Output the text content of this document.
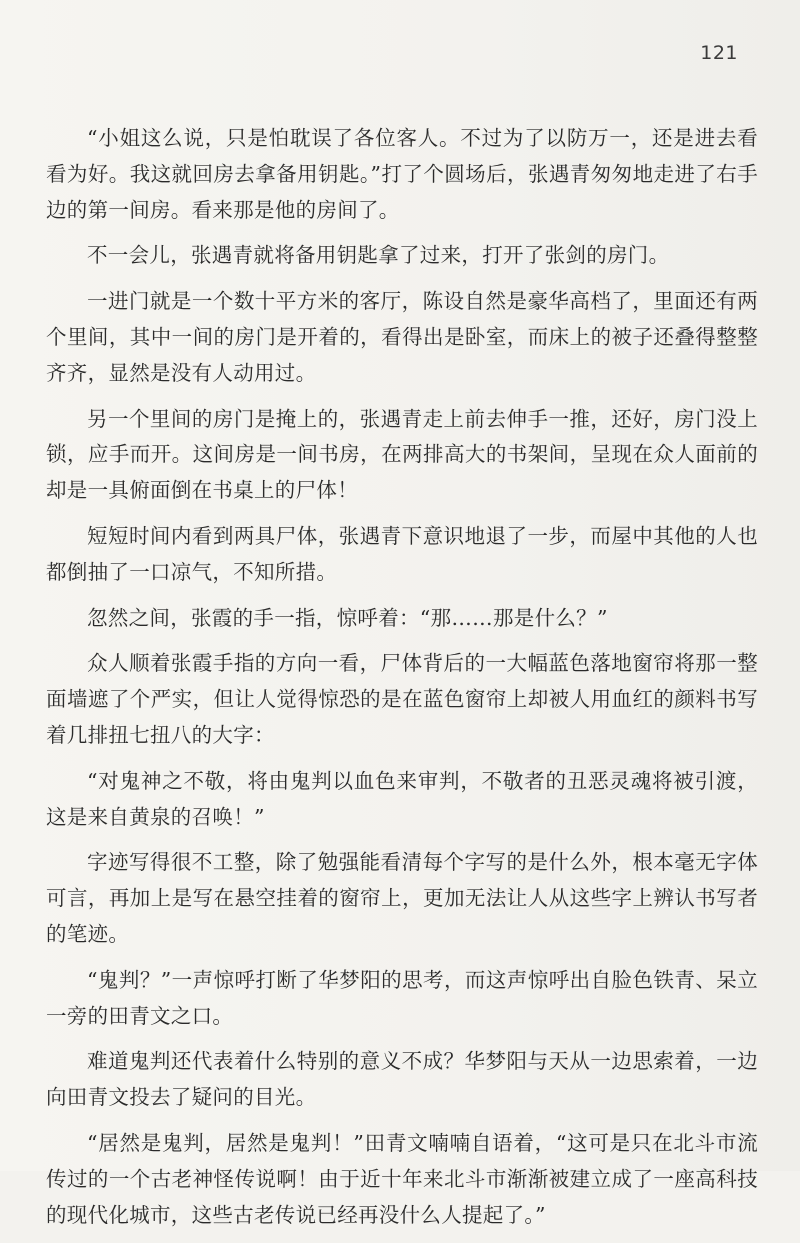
121

“小姐这么说，只是怕耽误了各位客人。不过为了以防万一，还是进去看看为好。我这就回房去拿备用钥匙。”打了个圆场后，张遇青匆匆地走进了右手边的第一间房。看来那是他的房间了。

不一会儿，张遇青就将备用钥匙拿了过来，打开了张剑的房门。

一进门就是一个数十平方米的客厅，陈设自然是豪华高档了，里面还有两个里间，其中一间的房门是开着的，看得出是卧室，而床上的被子还叠得整整齐齐，显然是没有人动用过。

另一个里间的房门是掩上的，张遇青走上前去伸手一推，还好，房门没上锁，应手而开。这间房是一间书房，在两排高大的书架间，呈现在众人面前的却是一具俯面倒在书桌上的尸体！

短短时间内看到两具尸体，张遇青下意识地退了一步，而屋中其他的人也都倒抽了一口凉气，不知所措。

忽然之间，张霞的手一指，惊呼着：“那……那是什么？”

众人顺着张霞手指的方向一看，尸体背后的一大幅蓝色落地窗帘将那一整面墙遮了个严实，但让人觉得惊恐的是在蓝色窗帘上却被人用血红的颜料书写着几排扭七扭八的大字：

“对鬼神之不敬，将由鬼判以血色来审判，不敬者的丑恶灵魂将被引渡，这是来自黄泉的召唤！”

字迹写得很不工整，除了勉强能看清每个字写的是什么外，根本毫无字体可言，再加上是写在悬空挂着的窗帘上，更加无法让人从这些字上辨认书写者的笔迹。

“鬼判？”一声惊呼打断了华梦阳的思考，而这声惊呼出自脸色铁青、呆立一旁的田青文之口。

难道鬼判还代表着什么特别的意义不成？华梦阳与天从一边思索着，一边向田青文投去了疑问的目光。

“居然是鬼判，居然是鬼判！”田青文喃喃自语着，“这可是只在北斗市流传过的一个古老神怪传说啊！由于近十年来北斗市渐渐被建立成了一座高科技的现代化城市，这些古老传说已经再没什么人提起了。”
